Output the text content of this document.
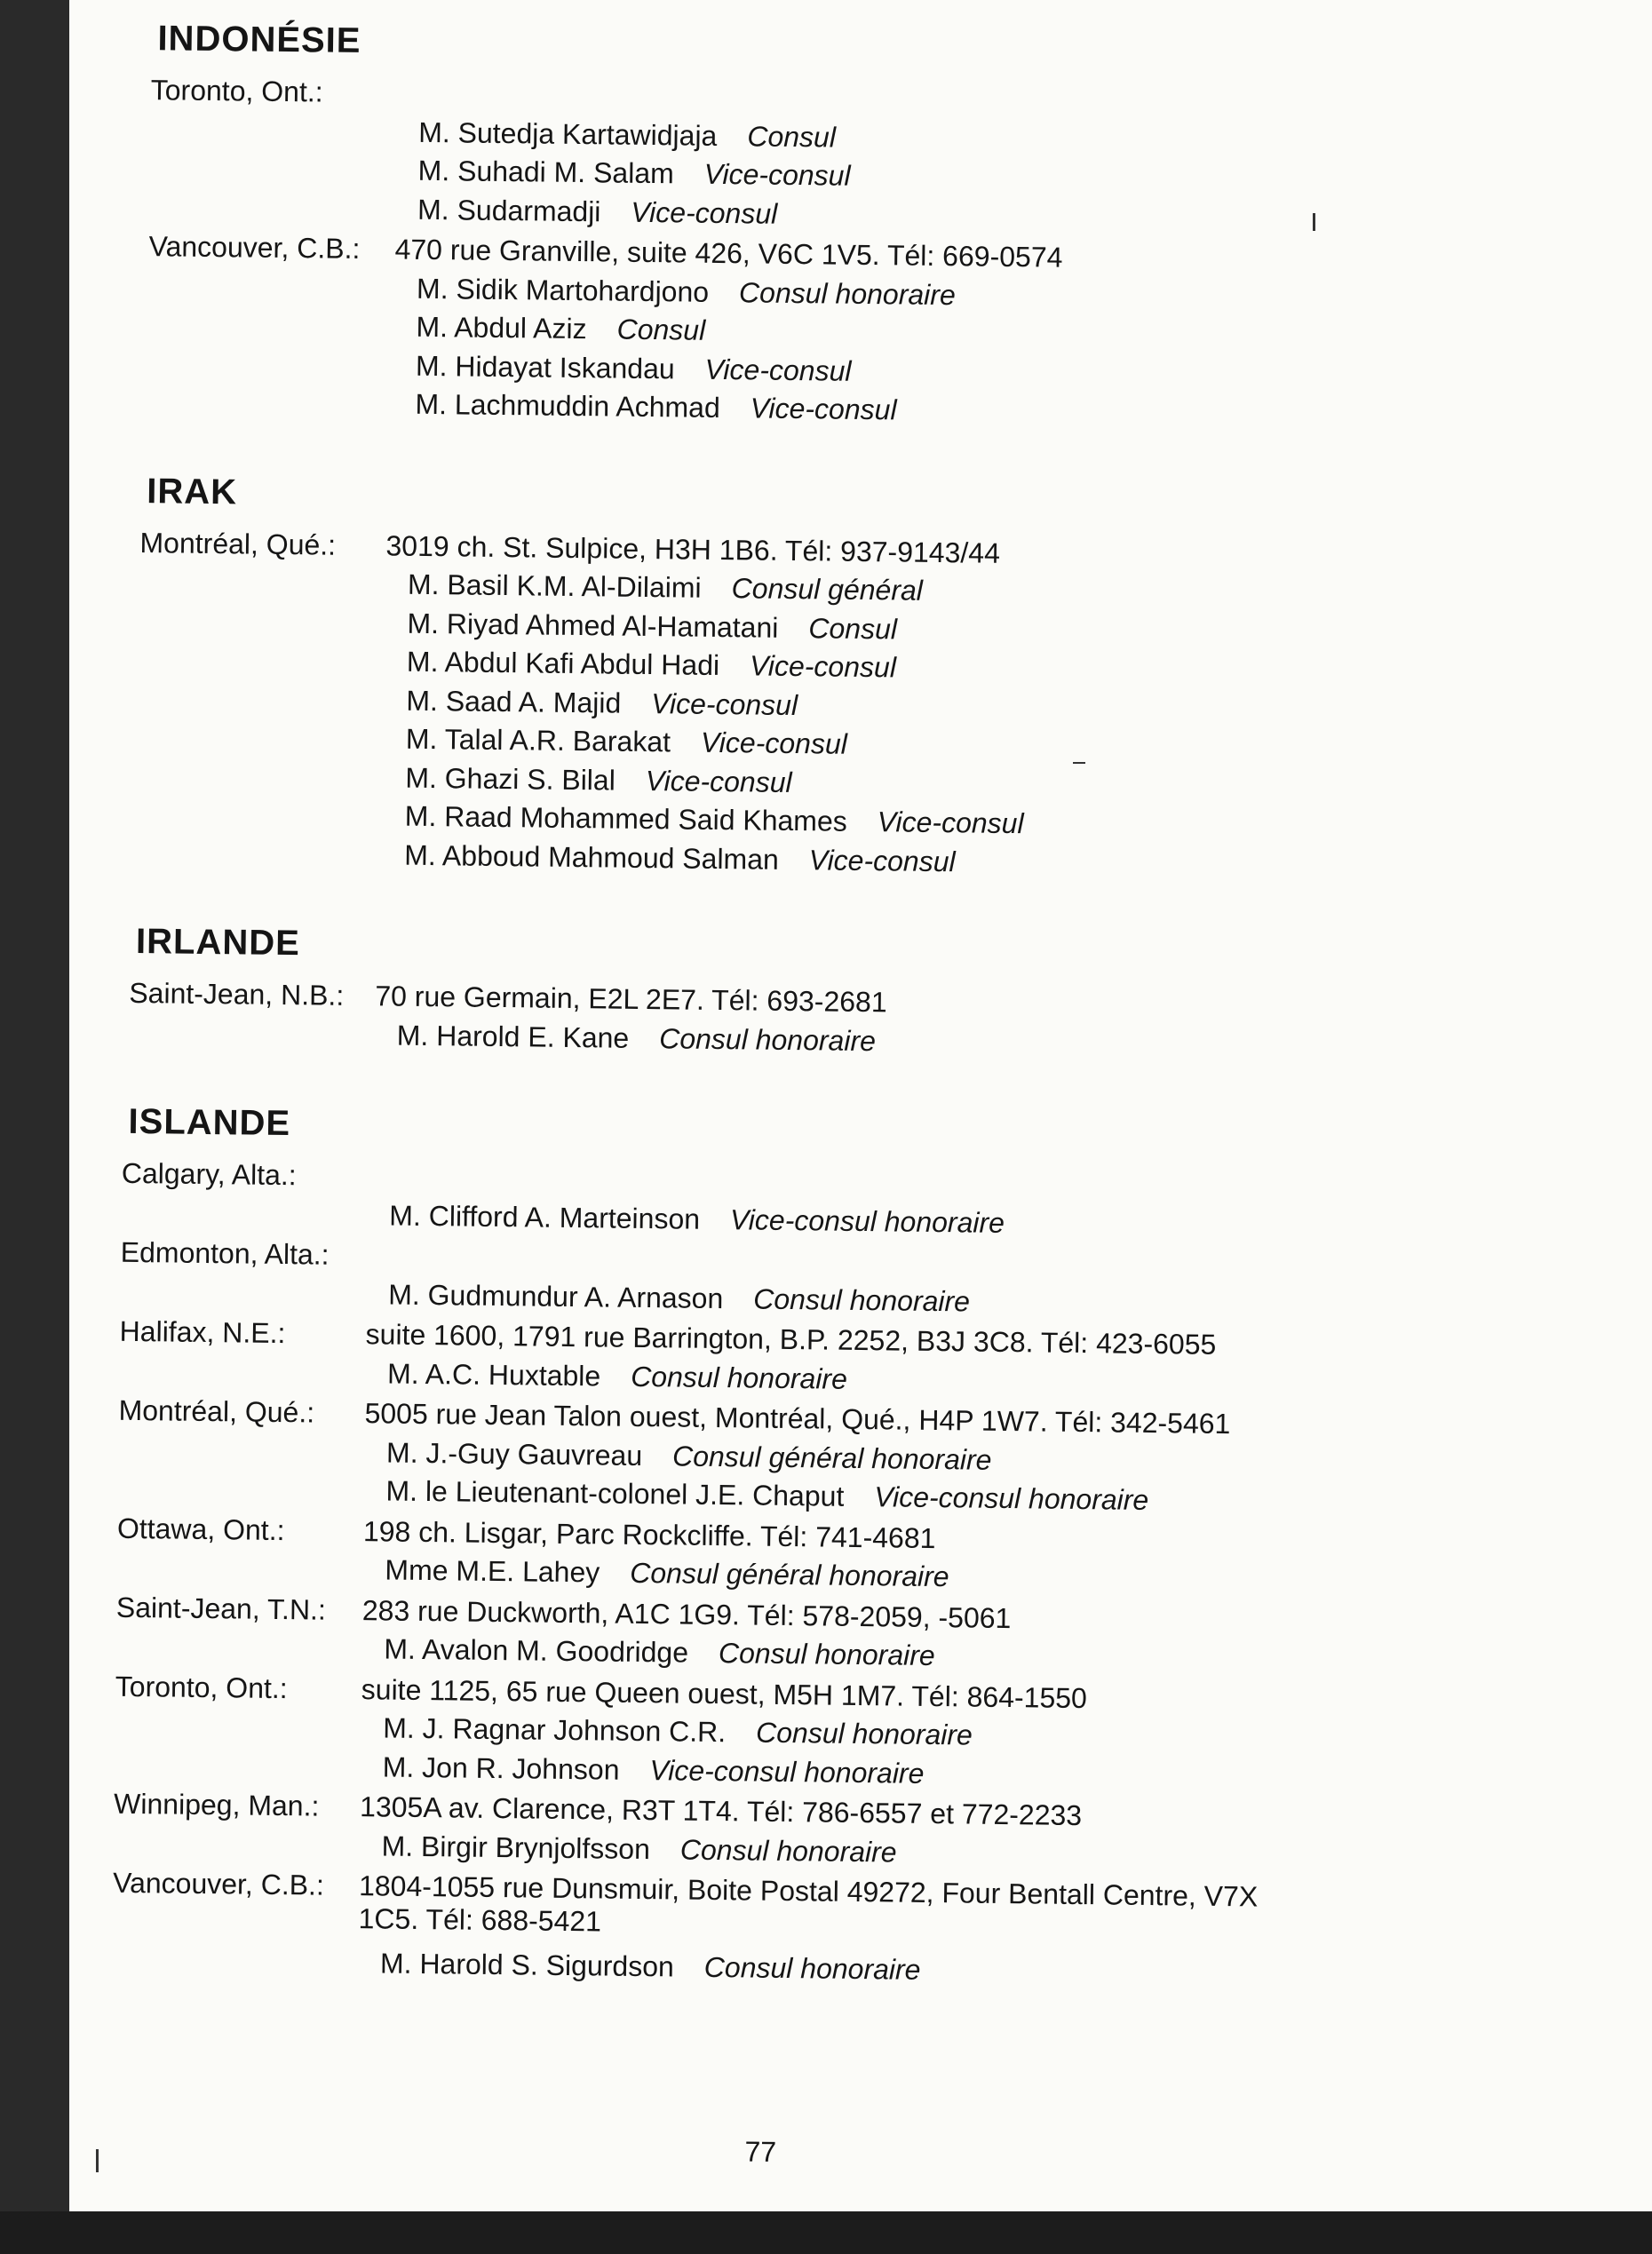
INDONÉSIE
Toronto, Ont.:
M. Sutedja Kartawidjaja Consul
M. Suhadi M. Salam Vice-consul
M. Sudarmadji Vice-consul
Vancouver, C.B.: 470 rue Granville, suite 426, V6C 1V5. Tél: 669-0574
M. Sidik Martohardjono Consul honoraire
M. Abdul Aziz Consul
M. Hidayat Iskandau Vice-consul
M. Lachmuddin Achmad Vice-consul
IRAK
Montréal, Qué.: 3019 ch. St. Sulpice, H3H 1B6. Tél: 937-9143/44
M. Basil K.M. Al-Dilaimi Consul général
M. Riyad Ahmed Al-Hamatani Consul
M. Abdul Kafi Abdul Hadi Vice-consul
M. Saad A. Majid Vice-consul
M. Talal A.R. Barakat Vice-consul
M. Ghazi S. Bilal Vice-consul
M. Raad Mohammed Said Khames Vice-consul
M. Abboud Mahmoud Salman Vice-consul
IRLANDE
Saint-Jean, N.B.: 70 rue Germain, E2L 2E7. Tél: 693-2681
M. Harold E. Kane Consul honoraire
ISLANDE
Calgary, Alta.:
M. Clifford A. Marteinson Vice-consul honoraire
Edmonton, Alta.:
M. Gudmundur A. Arnason Consul honoraire
Halifax, N.E.:	suite 1600, 1791 rue Barrington, B.P. 2252, B3J 3C8. Tél: 423-6055
M. A.C. Huxtable Consul honoraire
Montréal, Qué.: 5005 rue Jean Talon ouest, Montréal, Qué., H4P 1W7. Tél: 342-5461
M. J.-Guy Gauvreau Consul général honoraire
M. le Lieutenant-colonel J.E. Chaput Vice-consul honoraire
Ottawa, Ont.:	198 ch. Lisgar, Parc Rockcliffe. Tél: 741-4681
Mme M.E. Lahey Consul général honoraire
Saint-Jean, T.N.: 283 rue Duckworth, A1C 1G9. Tél: 578-2059, -5061
M. Avalon M. Goodridge Consul honoraire
Toronto, Ont.:	suite 1125, 65 rue Queen ouest, M5H 1M7. Tél: 864-1550
M. J. Ragnar Johnson C.R. Consul honoraire
M. Jon R. Johnson Vice-consul honoraire
Winnipeg, Man.: 1305A av. Clarence, R3T 1T4. Tél: 786-6557 et 772-2233
M. Birgir Brynjolfsson Consul honoraire
Vancouver, C.B.: 1804-1055 rue Dunsmuir, Boite Postal 49272, Four Bentall Centre, V7X
1C5. Tél: 688-5421
M. Harold S. Sigurdson Consul honoraire
77
